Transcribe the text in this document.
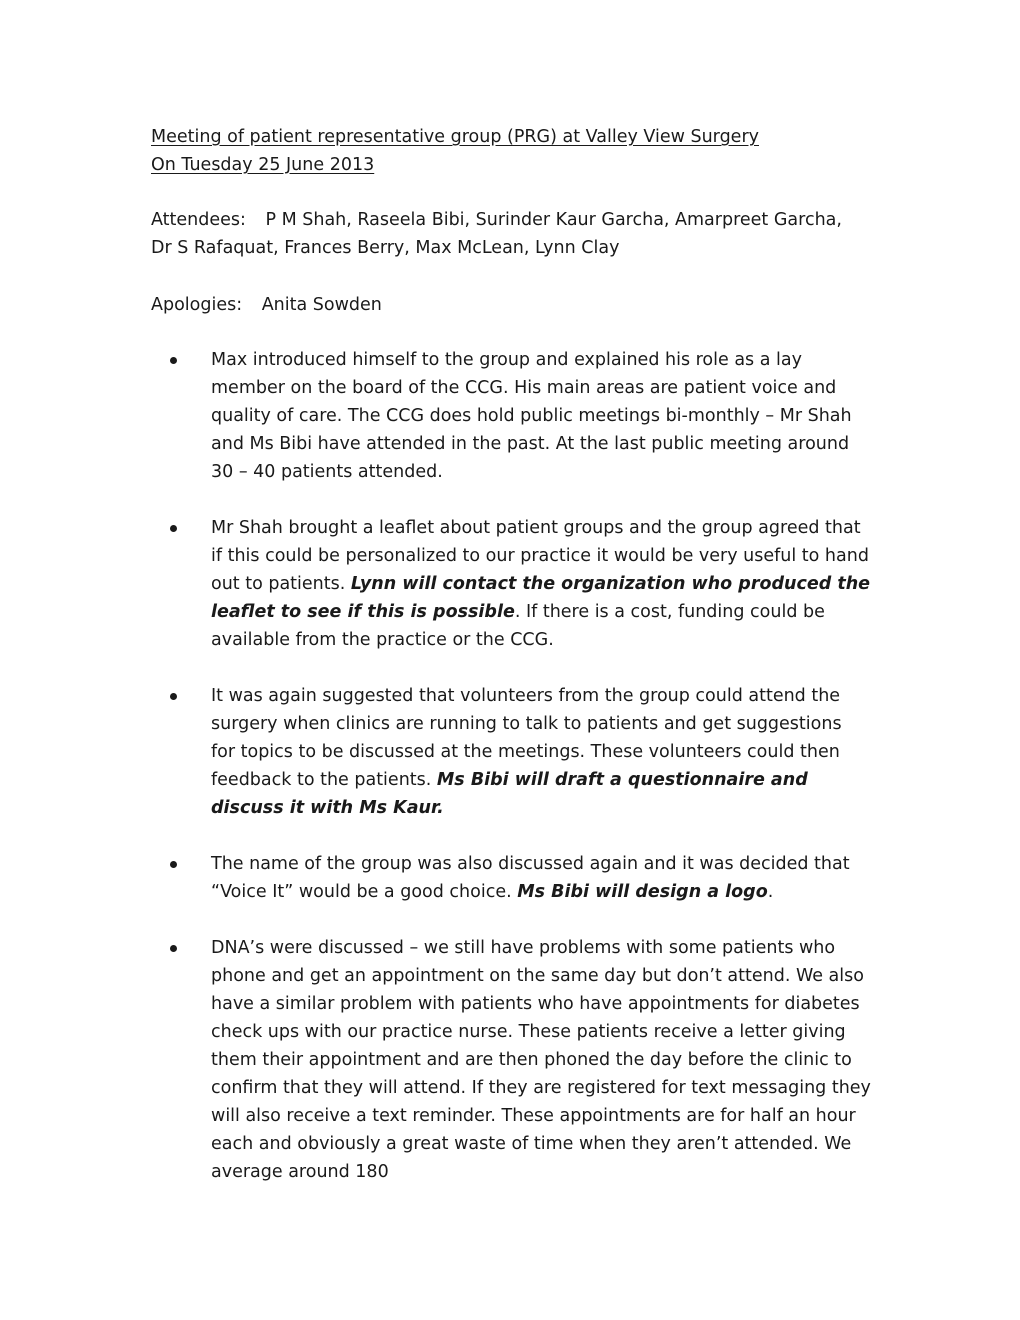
Meeting of patient representative group (PRG) at Valley View Surgery
On Tuesday 25 June 2013
Attendees: P M Shah, Raseela Bibi, Surinder Kaur Garcha, Amarpreet Garcha, Dr S Rafaquat, Frances Berry, Max McLean, Lynn Clay
Apologies: Anita Sowden
Max introduced himself to the group and explained his role as a lay member on the board of the CCG. His main areas are patient voice and quality of care. The CCG does hold public meetings bi-monthly – Mr Shah and Ms Bibi have attended in the past. At the last public meeting around 30 – 40 patients attended.
Mr Shah brought a leaflet about patient groups and the group agreed that if this could be personalized to our practice it would be very useful to hand out to patients. Lynn will contact the organization who produced the leaflet to see if this is possible. If there is a cost, funding could be available from the practice or the CCG.
It was again suggested that volunteers from the group could attend the surgery when clinics are running to talk to patients and get suggestions for topics to be discussed at the meetings. These volunteers could then feedback to the patients. Ms Bibi will draft a questionnaire and discuss it with Ms Kaur.
The name of the group was also discussed again and it was decided that “Voice It” would be a good choice. Ms Bibi will design a logo.
DNA’s were discussed – we still have problems with some patients who phone and get an appointment on the same day but don’t attend. We also have a similar problem with patients who have appointments for diabetes check ups with our practice nurse. These patients receive a letter giving them their appointment and are then phoned the day before the clinic to confirm that they will attend. If they are registered for text messaging they will also receive a text reminder. These appointments are for half an hour each and obviously a great waste of time when they aren’t attended. We average around 180
